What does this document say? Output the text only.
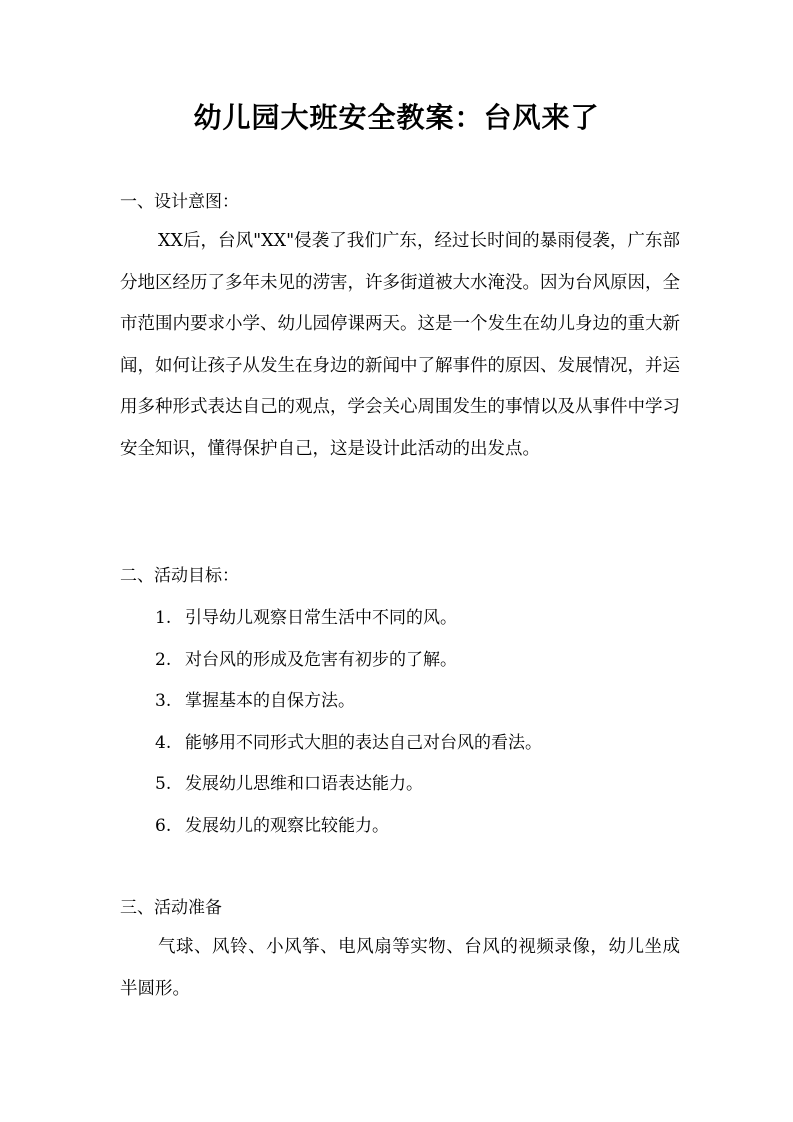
幼儿园大班安全教案：台风来了
一、设计意图：

XX后，台风"XX"侵袭了我们广东，经过长时间的暴雨侵袭，广东部分地区经历了多年未见的涝害，许多街道被大水淹没。因为台风原因，全市范围内要求小学、幼儿园停课两天。这是一个发生在幼儿身边的重大新闻，如何让孩子从发生在身边的新闻中了解事件的原因、发展情况，并运用多种形式表达自己的观点，学会关心周围发生的事情以及从事件中学习安全知识，懂得保护自己，这是设计此活动的出发点。

二、活动目标：
1. 引导幼儿观察日常生活中不同的风。
2. 对台风的形成及危害有初步的了解。
3. 掌握基本的自保方法。
4. 能够用不同形式大胆的表达自己对台风的看法。
5. 发展幼儿思维和口语表达能力。
6. 发展幼儿的观察比较能力。
三、活动准备

气球、风铃、小风筝、电风扇等实物、台风的视频录像，幼儿坐成半圆形。
